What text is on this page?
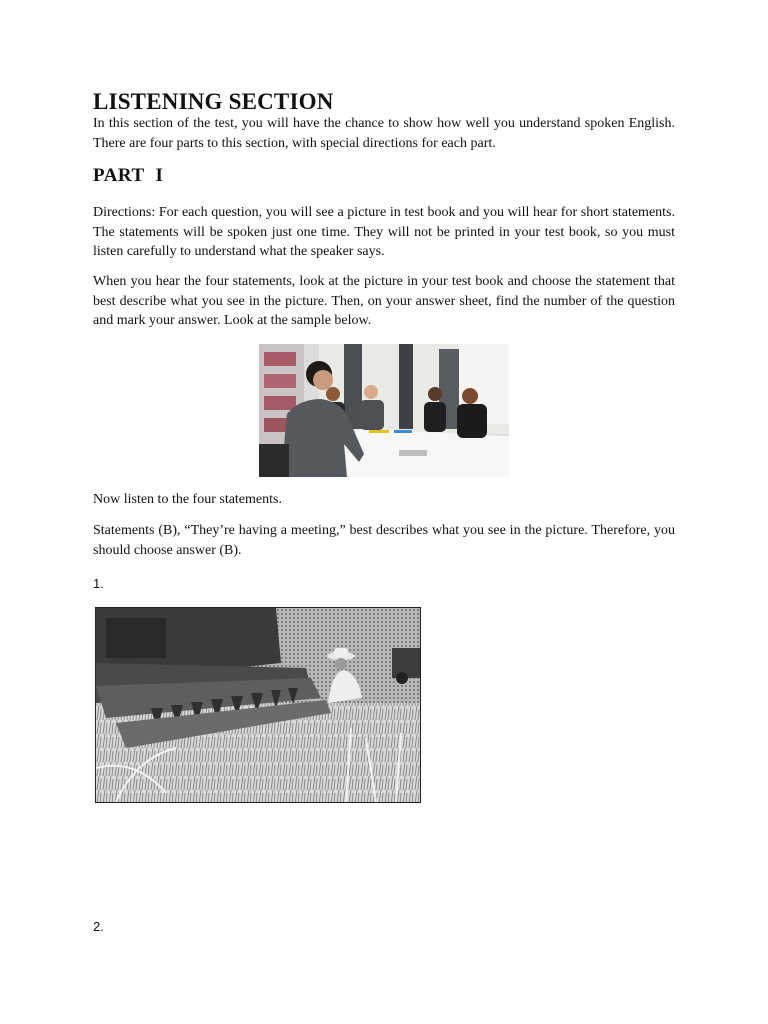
LISTENING SECTION

In this section of the test, you will have the chance to show how well you understand spoken English. There are four parts to this section, with special directions for each part.

PART I

Directions: For each question, you will see a picture in test book and you will hear for short statements. The statements will be spoken just one time. They will not be printed in your test book, so you must listen carefully to understand what the speaker says.

When you hear the four statements, look at the picture in your test book and choose the statement that best describe what you see in the picture. Then, on your answer sheet, find the number of the question and mark your answer. Look at the sample below.

Now listen to the four statements.

Statements (B), “They’re having a meeting,” best describes what you see in the picture. Therefore, you should choose answer (B).

1.
2.
